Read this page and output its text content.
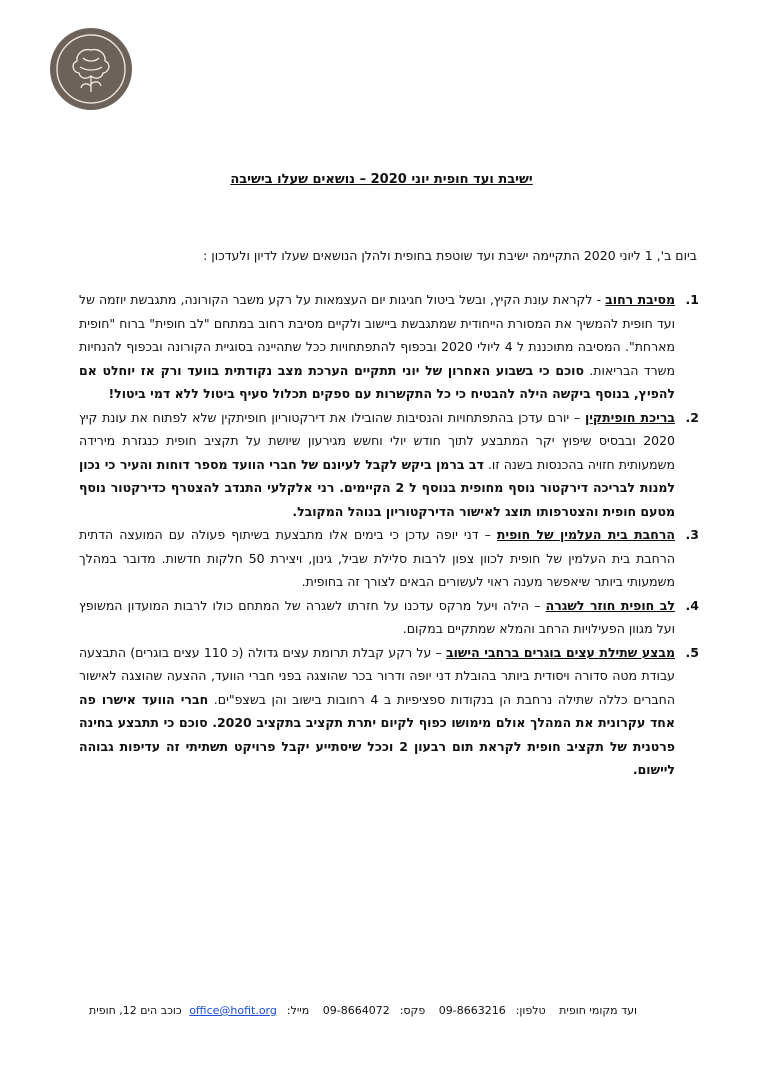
ישיבת ועד חופית יוני 2020 – נושאים שעלו בישיבה
ביום ב', 1 ליוני 2020 התקיימה ישיבת ועד שוטפת בחופית ולהלן הנושאים שעלו לדיון ולעדכון :
1.
מסיבת רחוב - לקראת עונת הקיץ, ובשל ביטול חגיגות יום העצמאות על רקע משבר הקורונה, מתגבשת יוזמה של ועד חופית להמשיך את המסורת הייחודית שמתגבשת ביישוב ולקיים מסיבת רחוב במתחם "לב חופית" ברוח "חופית מארחת". המסיבה מתוכננת ל 4 ליולי 2020 ובכפוף להתפתחויות ככל שתהיינה בסוגיית הקורונה ובכפוף להנחיות משרד הבריאות. סוכם כי בשבוע האחרון של יוני תתקיים הערכת מצב נקודתית בוועד ורק אז יוחלט אם להפיץ, בנוסף ביקשה הילה להבטיח כי כל התקשרות עם ספקים תכלול סעיף ביטול ללא דמי ביטול!
2.
בריכת חופיתקין – יורם עדכן בהתפתחויות והנסיבות שהובילו את דירקטוריון חופיתקין שלא לפתוח את עונת קיץ 2020 ובבסיס שיפוץ יקר המתבצע לתוך חודש יולי וחשש מגירעון שיושת על תקציב חופית כנגזרת מירידה משמעותית חזויה בהכנסות בשנה זו. דב ברמן ביקש לקבל לעיונם של חברי הוועד מספר דוחות והעיר כי נכון למנות לבריכה דירקטור נוסף מחופית בנוסף ל 2 הקיימים. רני אלקלעי התנדב להצטרף כדירקטור נוסף מטעם חופית והצטרפותו תוצג לאישור הדירקטוריון בנוהל המקובל.
3.
הרחבת בית העלמין של חופית – דני יופה עדכן כי בימים אלו מתבצעת בשיתוף פעולה עם המועצה הדתית הרחבת בית העלמין של חופית לכוון צפון לרבות סלילת שביל, גינון, ויצירת 50 חלקות חדשות. מדובר במהלך משמעותי ביותר שיאפשר מענה ראוי לעשורים הבאים לצורך זה בחופית.
4.
לב חופית חוזר לשגרה – הילה ויעל מרקס עדכנו על חזרתו לשגרה של המתחם כולו לרבות המועדון המשופץ ועל מגוון הפעילויות הרחב והמלא שמתקיים במקום.
5.
מבצע שתילת עצים בוגרים ברחבי הישוב – על רקע קבלת תרומת עצים גדולה (כ 110 עצים בוגרים) התבצעה עבודת מטה סדורה ויסודית ביותר בהובלת דני יופה ודרור בכר שהוצגה בפני חברי הוועד, ההצעה שהוצגה לאישור החברים כללה שתילה נרחבת הן בנקודות ספציפיות ב 4 רחובות בישוב והן בשצפ"ים. חברי הוועד אישרו פה אחד עקרונית את המהלך אולם מימושו כפוף לקיום יתרת תקציב בתקציב 2020. סוכם כי תתבצע בחינה פרטנית של תקציב חופית לקראת תום רבעון 2 וככל שיסתייע יקבל פרויקט תשתיתי זה עדיפות גבוהה ליישום.
ועד מקומי חופית טלפון:09-8663216 פקס:09-8664072 מייל:office@hofit.org כוכב הים 12, חופית
